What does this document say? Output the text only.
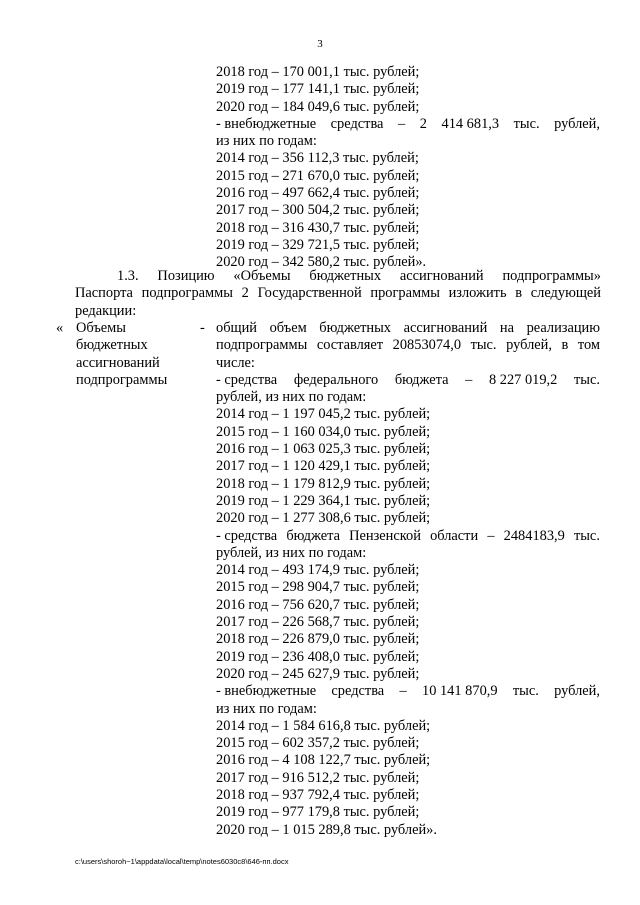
3
2018 год – 170 001,1 тыс. рублей;
2019 год – 177 141,1 тыс. рублей;
2020 год – 184 049,6 тыс. рублей;
- внебюджетные средства – 2 414 681,3 тыс. рублей,
из них по годам:
2014 год – 356 112,3 тыс. рублей;
2015 год – 271 670,0 тыс. рублей;
2016 год – 497 662,4 тыс. рублей;
2017 год – 300 504,2 тыс. рублей;
2018 год – 316 430,7 тыс. рублей;
2019 год – 329 721,5 тыс. рублей;
2020 год – 342 580,2 тыс. рублей».
1.3. Позицию «Объемы бюджетных ассигнований подпрограммы»
Паспорта подпрограммы 2 Государственной программы изложить в следующей
редакции:
« Объемы
бюджетных
ассигнований
подпрограммы
- общий объем бюджетных ассигнований на реализацию
подпрограммы составляет 20853074,0 тыс. рублей, в том
числе:
- средства федерального бюджета – 8 227 019,2 тыс.
рублей, из них по годам:
2014 год – 1 197 045,2 тыс. рублей;
2015 год – 1 160 034,0 тыс. рублей;
2016 год – 1 063 025,3 тыс. рублей;
2017 год – 1 120 429,1 тыс. рублей;
2018 год – 1 179 812,9 тыс. рублей;
2019 год – 1 229 364,1 тыс. рублей;
2020 год – 1 277 308,6 тыс. рублей;
- средства бюджета Пензенской области – 2484183,9 тыс.
рублей, из них по годам:
2014 год – 493 174,9 тыс. рублей;
2015 год – 298 904,7 тыс. рублей;
2016 год – 756 620,7 тыс. рублей;
2017 год – 226 568,7 тыс. рублей;
2018 год – 226 879,0 тыс. рублей;
2019 год – 236 408,0 тыс. рублей;
2020 год – 245 627,9 тыс. рублей;
- внебюджетные средства – 10 141 870,9 тыс. рублей,
из них по годам:
2014 год – 1 584 616,8 тыс. рублей;
2015 год – 602 357,2 тыс. рублей;
2016 год – 4 108 122,7 тыс. рублей;
2017 год – 916 512,2 тыс. рублей;
2018 год – 937 792,4 тыс. рублей;
2019 год – 977 179,8 тыс. рублей;
2020 год – 1 015 289,8 тыс. рублей».
c:\users\shoroh~1\appdata\local\temp\notes6030c8\646-пп.docx
